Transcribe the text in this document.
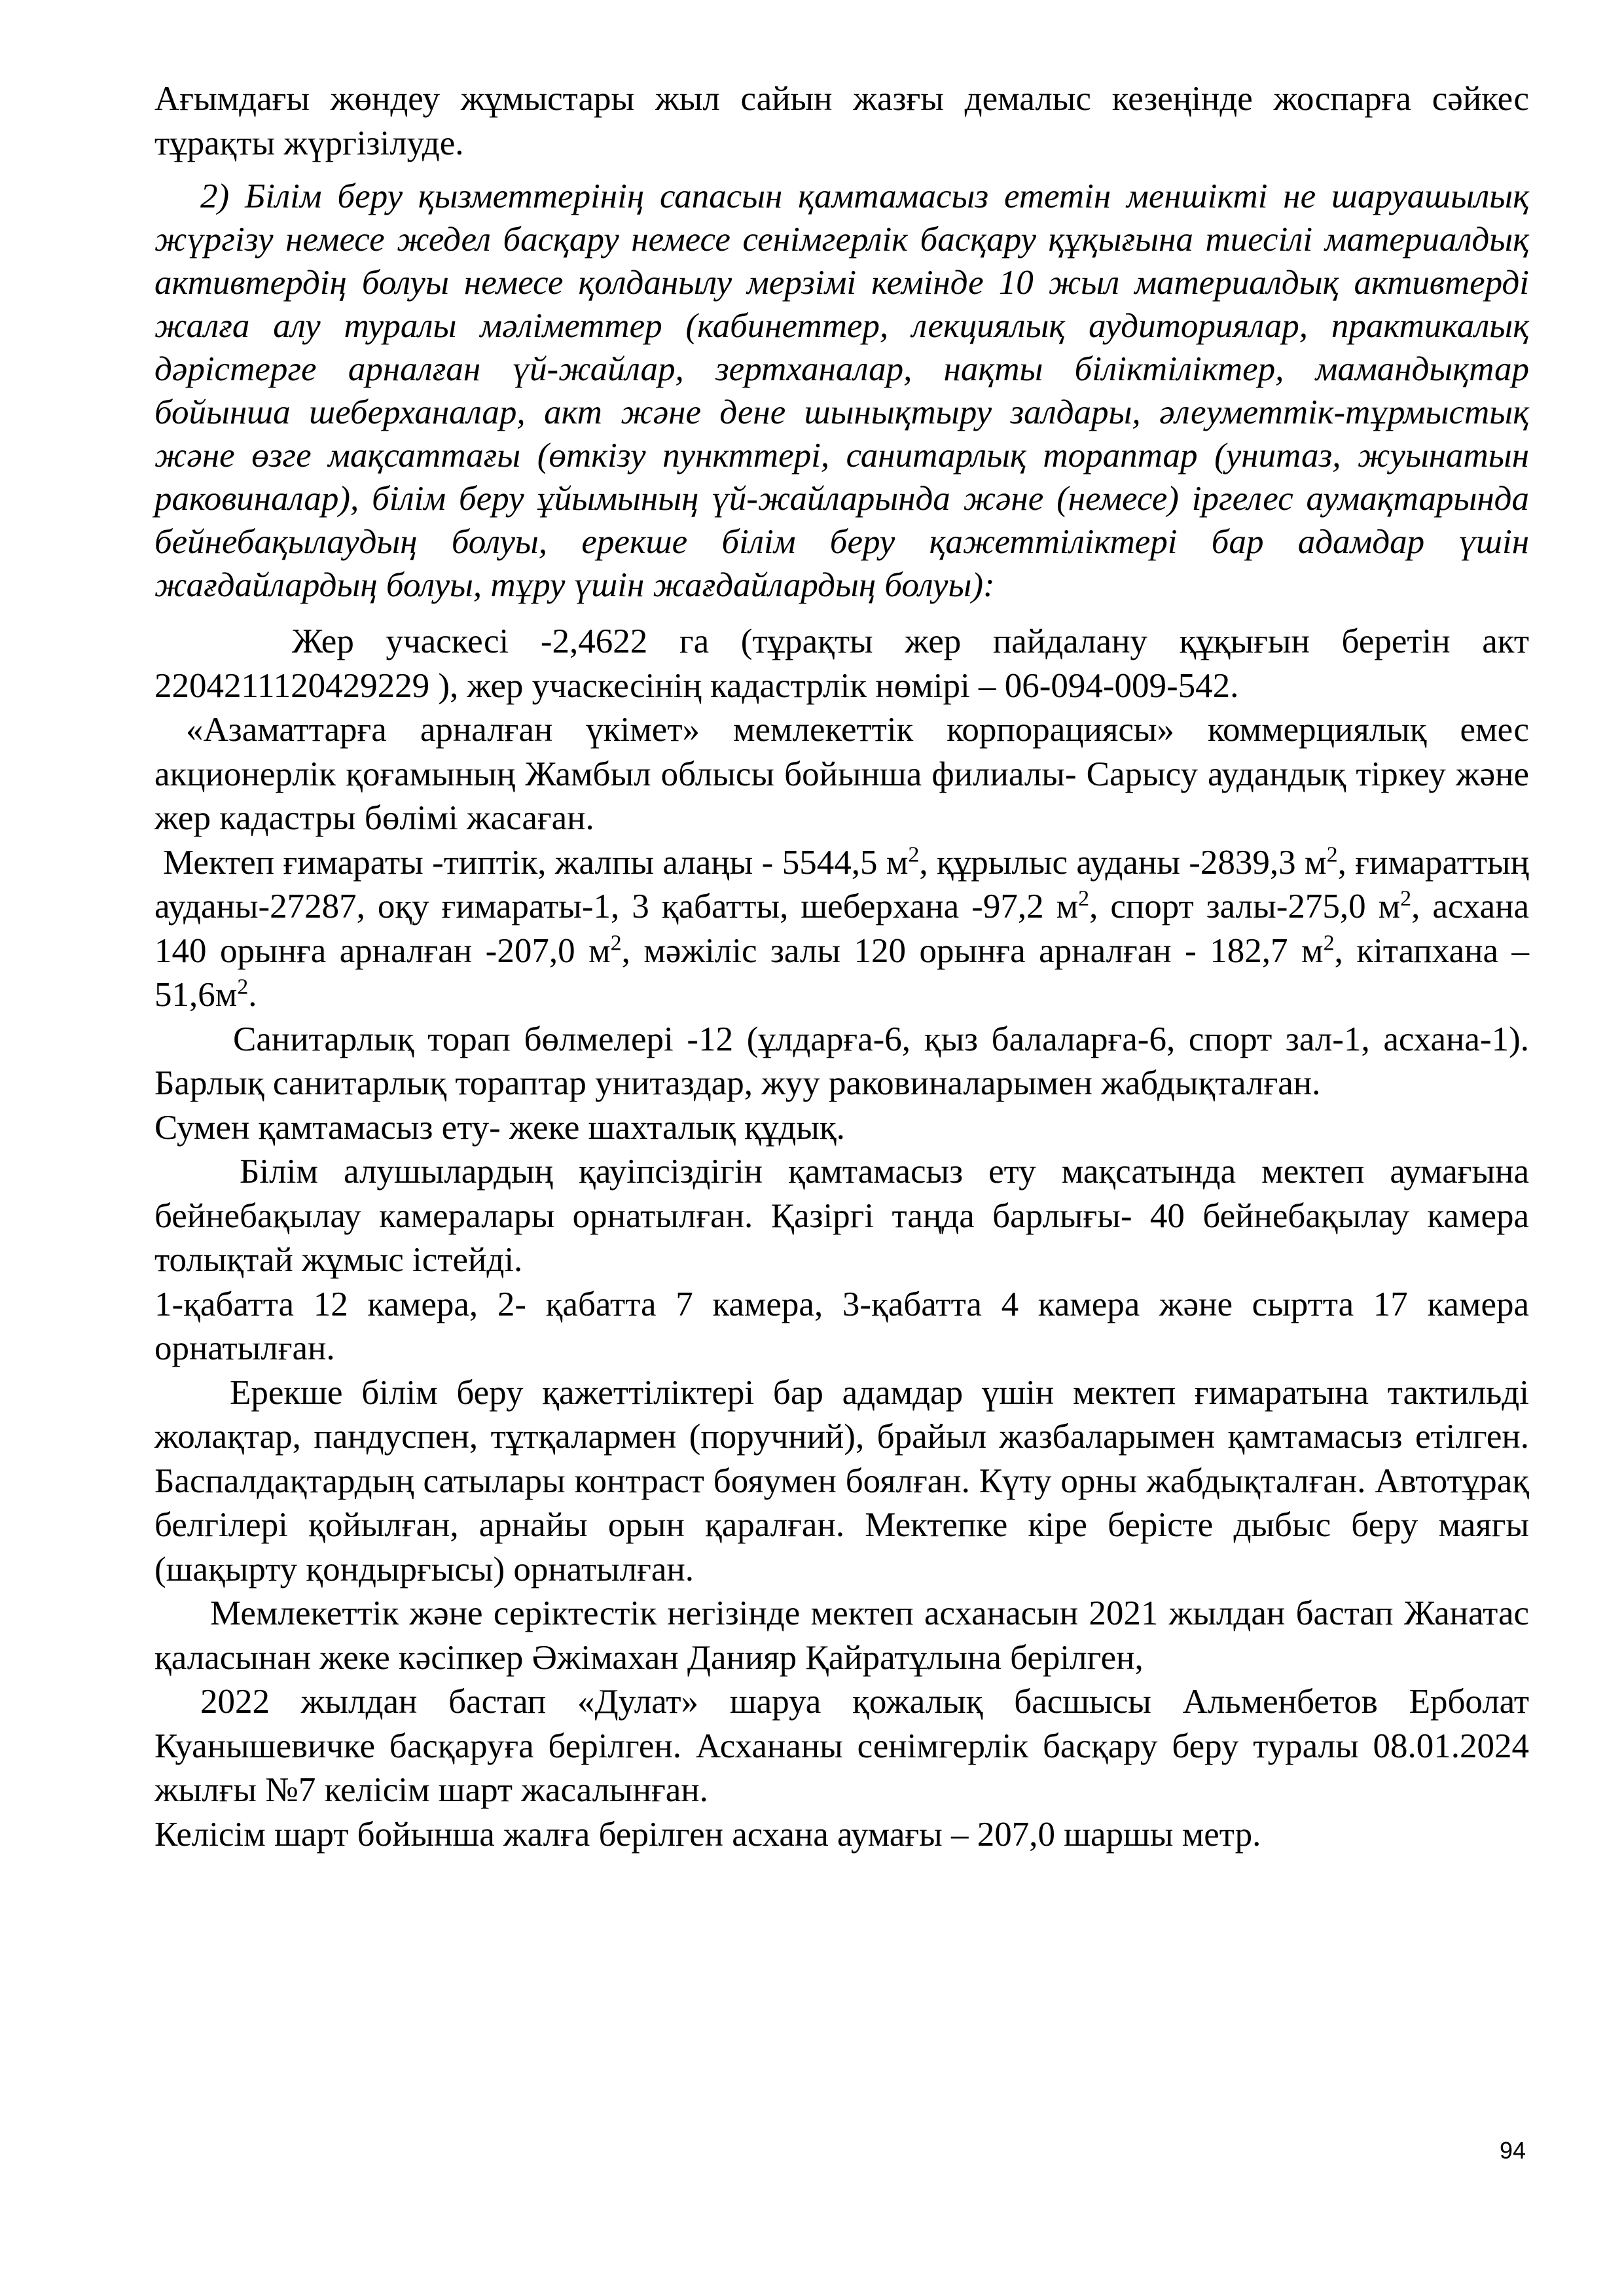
Ағымдағы жөндеу жұмыстары жыл сайын жазғы демалыс кезеңінде жоспарға сәйкес тұрақты жүргізілуде.

2) Білім беру қызметтерінің сапасын қамтамасыз ететін меншікті не шаруашылық жүргізу немесе жедел басқару немесе сенімгерлік басқару құқығына тиесілі материалдық активтердің болуы немесе қолданылу мерзімі кемінде 10 жыл материалдық активтерді жалға алу туралы мәліметтер (кабинеттер, лекциялық аудиториялар, практикалық дәрістерге арналған үй-жайлар, зертханалар, нақты біліктіліктер, мамандықтар бойынша шеберханалар, акт және дене шынықтыру залдары, әлеуметтік-тұрмыстық және өзге мақсаттағы (өткізу пункттері, санитарлық тораптар (унитаз, жуынатын раковиналар), білім беру ұйымының үй-жайларында және (немесе) іргелес аумақтарында бейнебақылаудың болуы, ерекше білім беру қажеттіліктері бар адамдар үшін жағдайлардың болуы, тұру үшін жағдайлардың болуы):

Жер учаскесі -2,4622 га (тұрақты жер пайдалану құқығын беретін акт 2204211120429229 ), жер учаскесінің кадастрлік нөмірі – 06-094-009-542.

«Азаматтарға арналған үкімет» мемлекеттік корпорациясы» коммерциялық емес акционерлік қоғамының Жамбыл облысы бойынша филиалы- Сарысу аудандық тіркеу және жер кадастры бөлімі жасаған.

Мектеп ғимараты -типтік, жалпы алаңы - 5544,5 $м^2$, құрылыс ауданы -2839,3 $м^2$, ғимараттың ауданы-27287, оқу ғимараты-1, 3 қабатты, шеберхана -97,2 $м^2$, спорт залы-275,0 $м^2$, асхана 140 орынға арналған -207,0 $м^2$, мәжіліс залы 120 орынға арналған - 182,7 $м^2$, кітапхана – $51,6м^2$.

Санитарлық торап бөлмелері -12 (ұлдарға-6, қыз балаларға-6, спорт зал-1, асхана-1). Барлық санитарлық тораптар унитаздар, жуу раковиналарымен жабдықталған.

Сумен қамтамасыз ету- жеке шахталық құдық.

Білім алушылардың қауіпсіздігін қамтамасыз ету мақсатында мектеп аумағына бейнебақылау камералары орнатылған. Қазіргі таңда барлығы- 40 бейнебақылау камера толықтай жұмыс істейді.

1-қабатта 12 камера, 2- қабатта 7 камера, 3-қабатта 4 камера және сыртта 17 камера орнатылған.

Ерекше білім беру қажеттіліктері бар адамдар үшін мектеп ғимаратына тактильді жолақтар, пандуспен, тұтқалармен (поручний), брайыл жазбаларымен қамтамасыз етілген. Баспалдақтардың сатылары контраст бояумен боялған. Күту орны жабдықталған. Автотұрақ белгілері қойылған, арнайы орын қаралған. Мектепке кіре берісте дыбыс беру маягы (шақырту қондырғысы) орнатылған.

Мемлекеттік және серіктестік негізінде мектеп асханасын 2021 жылдан бастап Жанатас қаласынан жеке кәсіпкер Әжімахан Данияр Қайратұлына берілген,

2022 жылдан бастап «Дулат» шаруа қожалық басшысы Альменбетов Ерболат Куанышевичке басқаруға берілген. Асхананы сенімгерлік басқару беру туралы 08.01.2024 жылғы №7 келісім шарт жасалынған.

Келісім шарт бойынша жалға берілген асхана аумағы – 207,0 шаршы метр.

94
